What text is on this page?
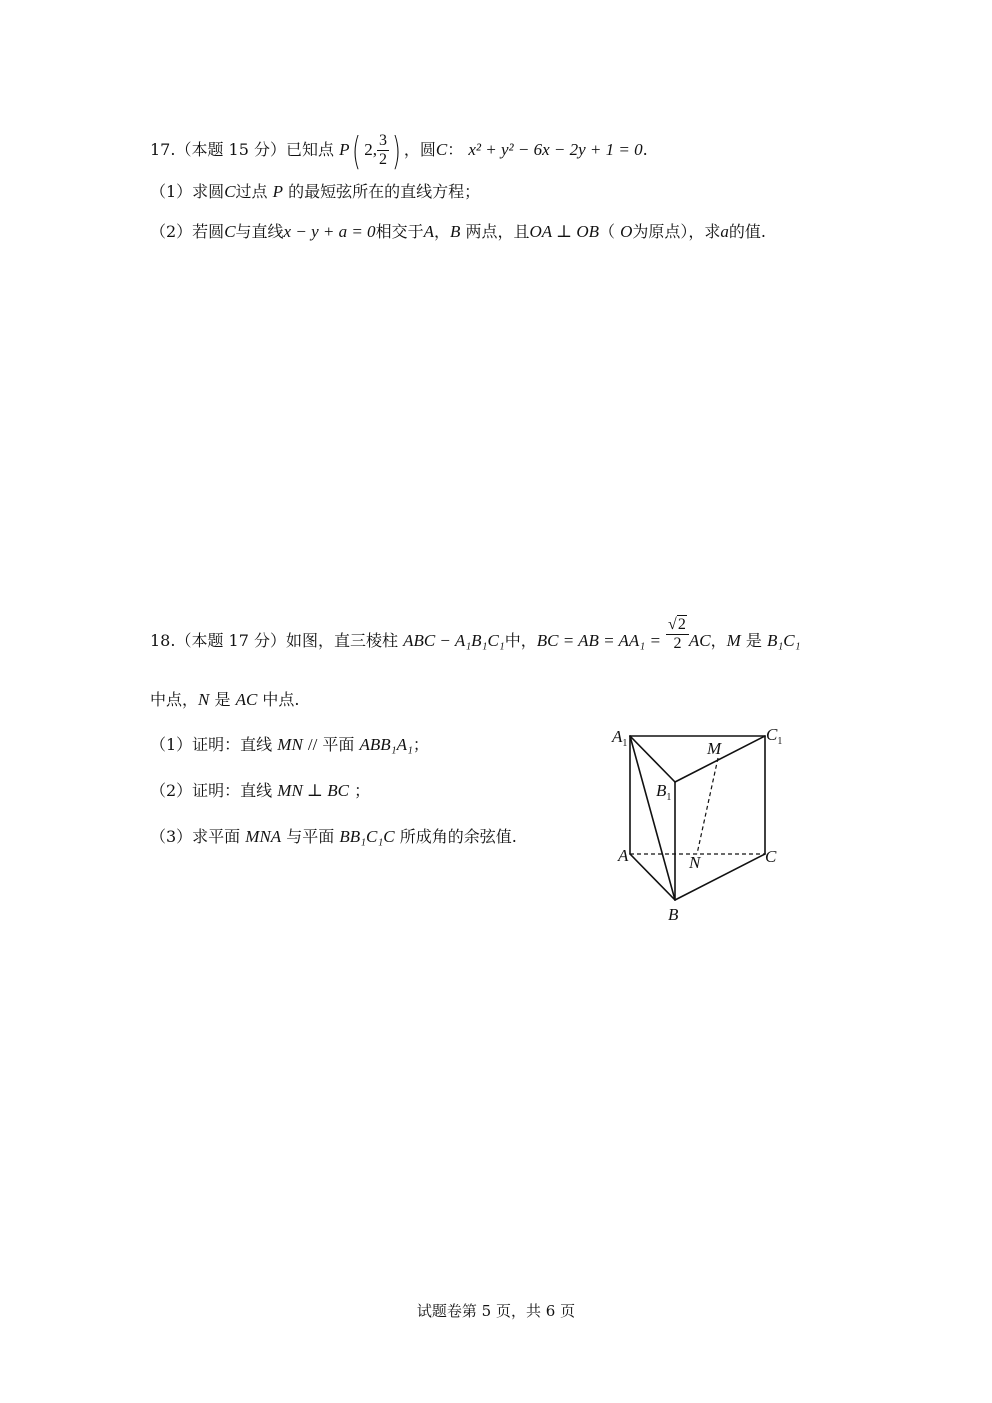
17.（本题 15 分）已知点 P( 2, $\frac{3}{2}$ ) ，圆C： x² + y² − 6x − 2y + 1 = 0.
（1）求圆C过点 P 的最短弦所在的直线方程；
（2）若圆C与直线x − y + a = 0相交于A，B 两点，且OA ⊥ OB（ O为原点），求a的值.
18.（本题 17 分）如图，直三棱柱 ABC − A₁B₁C₁中，BC = AB = $AA_1 = \frac{√2}{2}$ AC，M 是 B₁C₁
中点，N 是 AC 中点.
（1）证明：直线 MN // 平面 ABB₁A₁；
（2）证明：直线 MN ⊥ BC ；
（3）求平面 MNA 与平面 BB₁C₁C 所成角的余弦值.
$A_1$	$C_1$
M
$B_1$
A	N	C
B
试题卷第 5 页，共 6 页
